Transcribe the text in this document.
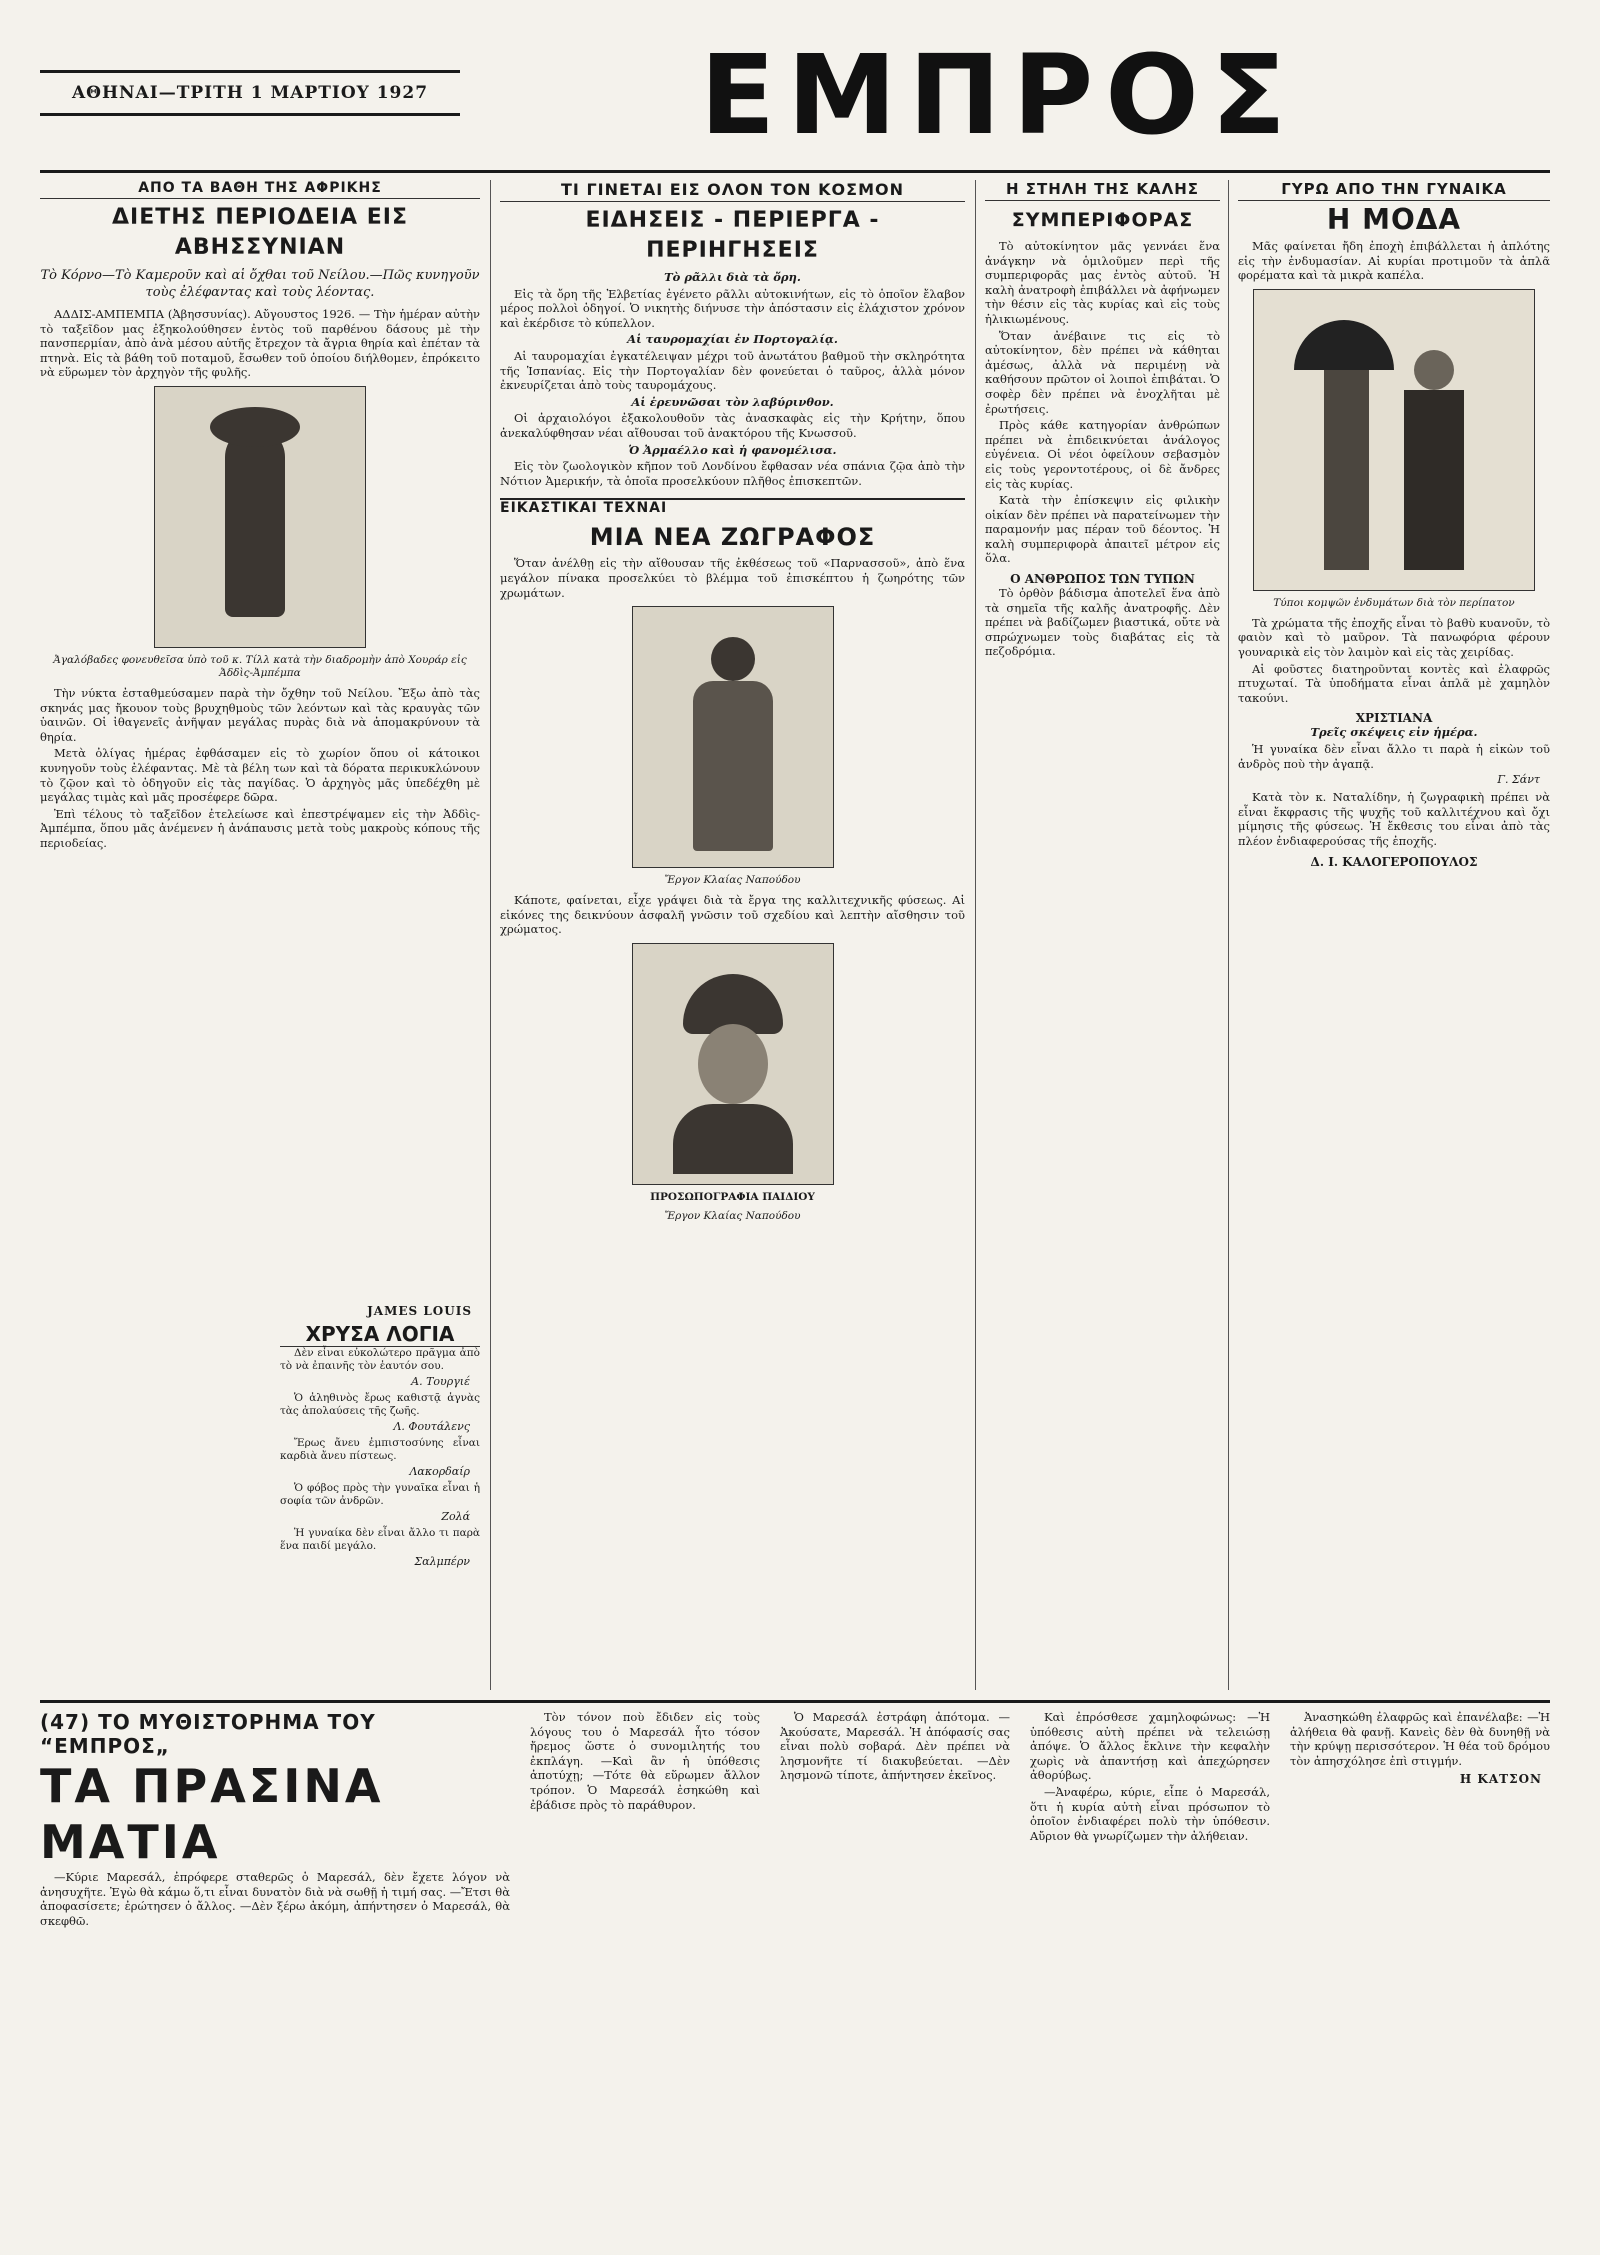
ΑΘΗΝΑΙ—ΤΡΙΤΗ 1 ΜΑΡΤΙΟΥ 1927 ΕΜΠΡΟΣ
ΑΠΟ ΤΑ ΒΑΘΗ ΤΗΣ ΑΦΡΙΚΗΣ
ΔΙΕΤΗΣ ΠΕΡΙΟΔΕΙΑ ΕΙΣ ΑΒΗΣΣΥΝΙΑΝ
Τὸ Κόρνο—Τὸ Καμεροῦν καὶ αἱ ὄχθαι τοῦ Νείλου.—Πῶς κυνηγοῦν τοὺς ἐλέφαντας καὶ τοὺς λέοντας.

ΑΔΔΙΣ-ΑΜΠΕΜΠΑ (Ἀβησσυνίας). Αὔγουστος 1926. — Τὴν ἡμέραν αὐτὴν τὸ ταξεῖδον μας ἐξηκολούθησεν ἐντὸς τοῦ παρθένου δάσους μὲ τὴν πανσπερμίαν, ἀπὸ ἀνὰ μέσου αὐτῆς ἔτρεχον τὰ ἄγρια θηρία καὶ ἐπέταν τὰ πτηνὰ. Εἰς τὰ βάθη τοῦ ποταμοῦ, ἔσωθεν τοῦ ὁποίου διήλθομεν, ἐπρόκειτο νὰ εὕρωμεν τὸν ἀρχηγὸν τῆς φυλῆς.

Ἀγαλόβαδες φονευθεῖσα ὑπὸ τοῦ κ. Τίλλ κατὰ τὴν διαδρομὴν ἀπὸ Χουράρ εἰς Ἀδδὶς-Ἀμπέμπα

Τὴν νύκτα ἐσταθμεύσαμεν παρὰ τὴν ὄχθην τοῦ Νείλου. Ἔξω ἀπὸ τὰς σκηνάς μας ἤκουον τοὺς βρυχηθμοὺς τῶν λεόντων καὶ τὰς κραυγὰς τῶν ὑαινῶν. Οἱ ἰθαγενεῖς ἀνῆψαν μεγάλας πυρὰς διὰ νὰ ἀπομακρύνουν τὰ θηρία.

Μετὰ ὀλίγας ἡμέρας ἐφθάσαμεν εἰς τὸ χωρίον ὅπου οἱ κάτοικοι κυνηγοῦν τοὺς ἐλέφαντας. Μὲ τὰ βέλη των καὶ τὰ δόρατα περικυκλώνουν τὸ ζῷον καὶ τὸ ὁδηγοῦν εἰς τὰς παγίδας. Ὁ ἀρχηγὸς μᾶς ὑπεδέχθη μὲ μεγάλας τιμὰς καὶ μᾶς προσέφερε δῶρα.

Ἐπὶ τέλους τὸ ταξεῖδον ἐτελείωσε καὶ ἐπεστρέψαμεν εἰς τὴν Ἀδδὶς-Ἀμπέμπα, ὅπου μᾶς ἀνέμενεν ἡ ἀνάπαυσις μετὰ τοὺς μακροὺς κόπους τῆς περιοδείας.

ΤΙ ΓΙΝΕΤΑΙ ΕΙΣ ΟΛΟΝ ΤΟΝ ΚΟΣΜΟΝ
ΕΙΔΗΣΕΙΣ - ΠΕΡΙΕΡΓΑ - ΠΕΡΙΗΓΗΣΕΙΣ

Τὸ ρᾶλλι διὰ τὰ ὄρη.

Εἰς τὰ ὄρη τῆς Ἐλβετίας ἐγένετο ρᾶλλι αὐτοκινήτων, εἰς τὸ ὁποῖον ἔλαβον μέρος πολλοὶ ὁδηγοί. Ὁ νικητὴς διήνυσε τὴν ἀπόστασιν εἰς ἐλάχιστον χρόνον καὶ ἐκέρδισε τὸ κύπελλον.

Αἱ ταυρομαχίαι ἐν Πορτογαλίᾳ.

Αἱ ταυρομαχίαι ἐγκατέλειψαν μέχρι τοῦ ἀνωτάτου βαθμοῦ τὴν σκληρότητα τῆς Ἱσπανίας. Εἰς τὴν Πορτογαλίαν δὲν φονεύεται ὁ ταῦρος, ἀλλὰ μόνον ἐκνευρίζεται ἀπὸ τοὺς ταυρομάχους.

Αἱ ἐρευνῶσαι τὸν λαβύρινθον.

Οἱ ἀρχαιολόγοι ἐξακολουθοῦν τὰς ἀνασκαφὰς εἰς τὴν Κρήτην, ὅπου ἀνεκαλύφθησαν νέαι αἴθουσαι τοῦ ἀνακτόρου τῆς Κνωσσοῦ.

Ὁ Ἀρμαέλλο καὶ ἡ φανομέλισα.

Εἰς τὸν ζωολογικὸν κῆπον τοῦ Λονδίνου ἔφθασαν νέα σπάνια ζῷα ἀπὸ τὴν Νότιον Ἀμερικήν, τὰ ὁποῖα προσελκύουν πλῆθος ἐπισκεπτῶν.

ΕΙΚΑΣΤΙΚΑΙ ΤΕΧΝΑΙ
ΜΙΑ ΝΕΑ ΖΩΓΡΑΦΟΣ

Ὅταν ἀνέλθῃ εἰς τὴν αἴθουσαν τῆς ἐκθέσεως τοῦ «Παρνασσοῦ», ἀπὸ ἕνα μεγάλον πίνακα προσελκύει τὸ βλέμμα τοῦ ἐπισκέπτου ἡ ζωηρότης τῶν χρωμάτων.

Ἔργον Κλαίας Ναπούδου

Κάποτε, φαίνεται, εἶχε γράψει διὰ τὰ ἔργα της καλλιτεχνικῆς φύσεως. Αἱ εἰκόνες της δεικνύουν ἀσφαλῆ γνῶσιν τοῦ σχεδίου καὶ λεπτὴν αἴσθησιν τοῦ χρώματος.

ΠΡΟΣΩΠΟΓΡΑΦΙΑ ΠΑΙΔΙΟΥ
Ἔργον Κλαίας Ναπούδου
Η ΣΤΗΛΗ ΤΗΣ ΚΑΛΗΣ
ΣΥΜΠΕΡΙΦΟΡΑΣ

Τὸ αὐτοκίνητον μᾶς γεννάει ἕνα ἀνάγκην νὰ ὁμιλοῦμεν περὶ τῆς συμπεριφορᾶς μας ἐντὸς αὐτοῦ. Ἡ καλὴ ἀνατροφὴ ἐπιβάλλει νὰ ἀφήνωμεν τὴν θέσιν εἰς τὰς κυρίας καὶ εἰς τοὺς ἡλικιωμένους.

Ὅταν ἀνέβαινε τις εἰς τὸ αὐτοκίνητον, δὲν πρέπει νὰ κάθηται ἀμέσως, ἀλλὰ νὰ περιμένῃ νὰ καθήσουν πρῶτον οἱ λοιποὶ ἐπιβάται. Ὁ σοφὲρ δὲν πρέπει νὰ ἐνοχλῆται μὲ ἐρωτήσεις.

Πρὸς κάθε κατηγορίαν ἀνθρώπων πρέπει νὰ ἐπιδεικνύεται ἀνάλογος εὐγένεια. Οἱ νέοι ὀφείλουν σεβασμὸν εἰς τοὺς γεροντοτέρους, οἱ δὲ ἄνδρες εἰς τὰς κυρίας.

Κατὰ τὴν ἐπίσκεψιν εἰς φιλικὴν οἰκίαν δὲν πρέπει νὰ παρατείνωμεν τὴν παραμονήν μας πέραν τοῦ δέοντος. Ἡ καλὴ συμπεριφορὰ ἀπαιτεῖ μέτρον εἰς ὅλα.

Ο ΑΝΘΡΩΠΟΣ ΤΩΝ ΤΥΠΩΝ

Τὸ ὀρθὸν βάδισμα ἀποτελεῖ ἕνα ἀπὸ τὰ σημεῖα τῆς καλῆς ἀνατροφῆς. Δὲν πρέπει νὰ βαδίζωμεν βιαστικά, οὔτε νὰ σπρώχνωμεν τοὺς διαβάτας εἰς τὰ πεζοδρόμια.

ΓΥΡΩ ΑΠΟ ΤΗΝ ΓΥΝΑΙΚΑ
Η ΜΟΔΑ

Μᾶς φαίνεται ἤδη ἐποχὴ ἐπιβάλλεται ἡ ἀπλότης εἰς τὴν ἐνδυμασίαν. Αἱ κυρίαι προτιμοῦν τὰ ἁπλᾶ φορέματα καὶ τὰ μικρὰ καπέλα.

Τύποι κομψῶν ἐνδυμάτων διὰ τὸν περίπατον

Τὰ χρώματα τῆς ἐποχῆς εἶναι τὸ βαθὺ κυανοῦν, τὸ φαιὸν καὶ τὸ μαῦρον. Τὰ πανωφόρια φέρουν γουναρικὰ εἰς τὸν λαιμὸν καὶ εἰς τὰς χειρίδας.

Αἱ φοῦστες διατηροῦνται κοντὲς καὶ ἐλαφρῶς πτυχωταί. Τὰ ὑποδήματα εἶναι ἁπλᾶ μὲ χαμηλὸν τακούνι.

ΧΡΙΣΤΙΑΝΑ

Τρεῖς σκέψεις εἰν ἡμέρα.

Ἡ γυναίκα δὲν εἶναι ἄλλο τι παρὰ ἡ εἰκὼν τοῦ ἀνδρὸς ποὺ τὴν ἀγαπᾷ.

Γ. Σάντ

Κατὰ τὸν κ. Ναταλίδην, ἡ ζωγραφικὴ πρέπει νὰ εἶναι ἔκφρασις τῆς ψυχῆς τοῦ καλλιτέχνου καὶ ὄχι μίμησις τῆς φύσεως. Ἡ ἔκθεσις του εἶναι ἀπὸ τὰς πλέον ἐνδιαφερούσας τῆς ἐποχῆς.

Δ. Ι. ΚΑΛΟΓΕΡΟΠΟΥΛΟΣ
JAMES LOUIS
ΧΡΥΣΑ ΛΟΓΙΑ

Δὲν εἶναι εὐκολώτερο πρᾶγμα ἀπὸ τὸ νὰ ἐπαινῆς τὸν ἑαυτόν σου.

Α. Τουργιέ

Ὁ ἀληθινὸς ἔρως καθιστᾷ ἁγνὰς τὰς ἀπολαύσεις τῆς ζωῆς.

Λ. Φουτάλενς

Ἔρως ἄνευ ἐμπιστοσύνης εἶναι καρδιὰ ἄνευ πίστεως.

Λακορδαίρ

Ὁ φόβος πρὸς τὴν γυναῖκα εἶναι ἡ σοφία τῶν ἀνδρῶν.

Ζολά

Ἡ γυναίκα δὲν εἶναι ἄλλο τι παρὰ ἕνα παιδί μεγάλο.

Σαλμπέρν
(47) ΤΟ ΜΥΘΙΣΤΟΡΗΜΑ ΤΟΥ “ΕΜΠΡΟΣ„
ΤΑ ΠΡΑΣΙΝΑ ΜΑΤΙΑ

—Κύριε Μαρεσάλ, ἐπρόφερε σταθερῶς ὁ Μαρεσάλ, δὲν ἔχετε λόγον νὰ ἀνησυχῆτε. Ἐγὼ θὰ κάμω ὅ,τι εἶναι δυνατὸν διὰ νὰ σωθῇ ἡ τιμή σας. —Ἔτσι θὰ ἀποφασίσετε; ἐρώτησεν ὁ ἄλλος. —Δὲν ξέρω ἀκόμη, ἀπήντησεν ὁ Μαρεσάλ, θὰ σκεφθῶ.

Τὸν τόνον ποὺ ἔδιδεν εἰς τοὺς λόγους του ὁ Μαρεσάλ ἦτο τόσον ἤρεμος ὥστε ὁ συνομιλητής του ἐκπλάγη. —Καὶ ἂν ἡ ὑπόθεσις ἀποτύχῃ; —Τότε θὰ εὕρωμεν ἄλλον τρόπον. Ὁ Μαρεσάλ ἐσηκώθη καὶ ἐβάδισε πρὸς τὸ παράθυρον.

Ὁ Μαρεσάλ ἐστράφη ἀπότομα. —Ἀκούσατε, Μαρεσάλ. Ἡ ἀπόφασίς σας εἶναι πολὺ σοβαρά. Δὲν πρέπει νὰ λησμονῆτε τί διακυβεύεται. —Δὲν λησμονῶ τίποτε, ἀπήντησεν ἐκεῖνος.

Καὶ ἐπρόσθεσε χαμηλοφώνως: —Ἡ ὑπόθεσις αὐτὴ πρέπει νὰ τελειώσῃ ἀπόψε. Ὁ ἄλλος ἔκλινε τὴν κεφαλὴν χωρὶς νὰ ἀπαντήσῃ καὶ ἀπεχώρησεν ἀθορύβως.

—Ἀναφέρω, κύριε, εἶπε ὁ Μαρεσάλ, ὅτι ἡ κυρία αὐτὴ εἶναι πρόσωπον τὸ ὁποῖον ἐνδιαφέρει πολὺ τὴν ὑπόθεσιν. Αὔριον θὰ γνωρίζωμεν τὴν ἀλήθειαν.

Ἀνασηκώθη ἐλαφρῶς καὶ ἐπανέλαβε: —Ἡ ἀλήθεια θὰ φανῇ. Κανεὶς δὲν θὰ δυνηθῇ νὰ τὴν κρύψῃ περισσότερον. Ἡ θέα τοῦ δρόμου τὸν ἀπησχόλησε ἐπὶ στιγμήν.

Η ΚΑΤΣΟΝ
